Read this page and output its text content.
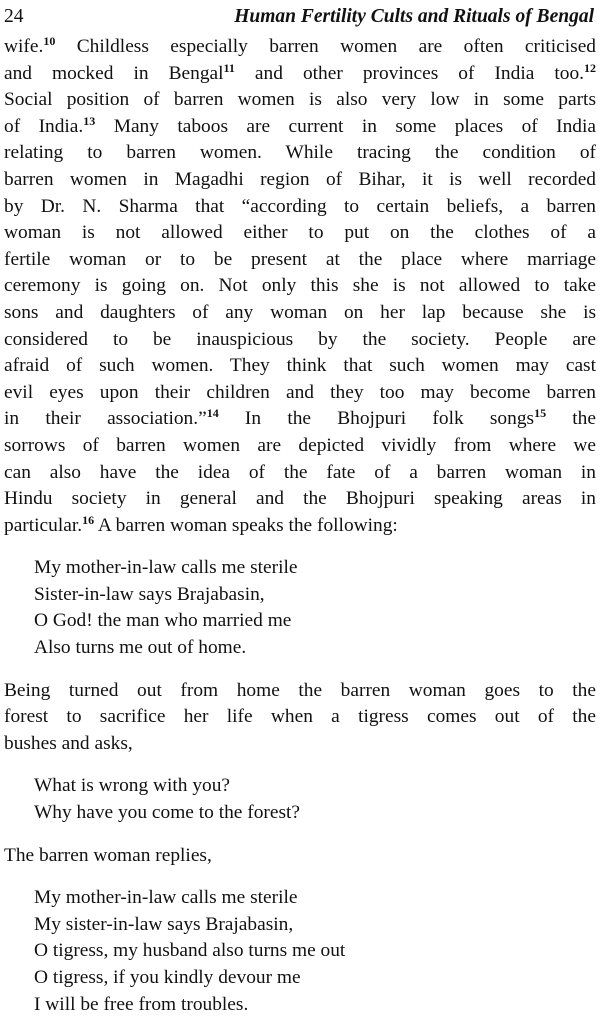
24	Human Fertility Cults and Rituals of Bengal
wife.$^{10}$ Childless especially barren women are often criticised
and mocked in Bengal$^{11}$ and other provinces of India too.$^{12}$
Social position of barren women is also very low in some parts
of India.$^{13}$ Many taboos are current in some places of India
relating to barren women. While tracing the condition of
barren women in Magadhi region of Bihar, it is well recorded
by Dr. N. Sharma that “according to certain beliefs, a barren
woman is not allowed either to put on the clothes of a
fertile woman or to be present at the place where marriage
ceremony is going on. Not only this she is not allowed to take
sons and daughters of any woman on her lap because she is
considered to be inauspicious by the society. People are
afraid of such women. They think that such women may cast
evil eyes upon their children and they too may become barren
in their association.”$^{14}$ In the Bhojpuri folk songs$^{15}$ the
sorrows of barren women are depicted vividly from where we
can also have the idea of the fate of a barren woman in
Hindu society in general and the Bhojpuri speaking areas in
particular.$^{16}$ A barren woman speaks the following:
My mother-in-law calls me sterile
Sister-in-law says Brajabasin,
O God! the man who married me
Also turns me out of home.
Being turned out from home the barren woman goes to the
forest to sacrifice her life when a tigress comes out of the
bushes and asks,
What is wrong with you?
Why have you come to the forest?
The barren woman replies,
My mother-in-law calls me sterile
My sister-in-law says Brajabasin,
O tigress, my husband also turns me out
O tigress, if you kindly devour me
I will be free from troubles.
